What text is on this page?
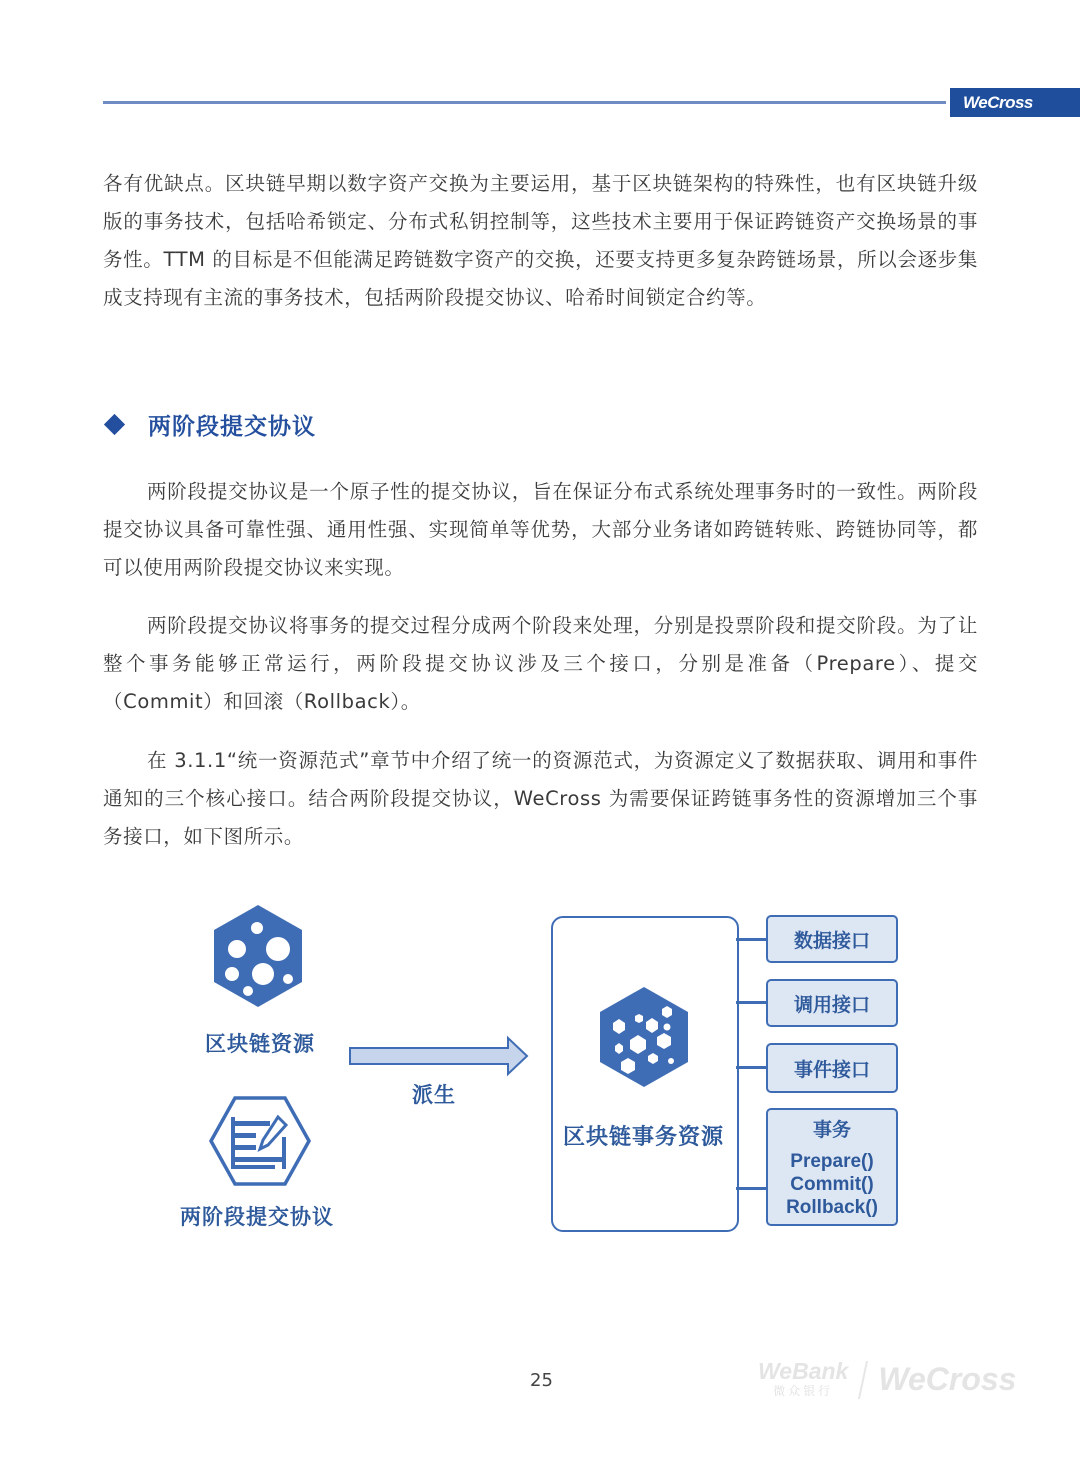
WeCross
各有优缺点。区块链早期以数字资产交换为主要运用，基于区块链架构的特殊性，也有区块链升级版的事务技术，包括哈希锁定、分布式私钥控制等，这些技术主要用于保证跨链资产交换场景的事务性。TTM 的目标是不但能满足跨链数字资产的交换，还要支持更多复杂跨链场景，所以会逐步集成支持现有主流的事务技术，包括两阶段提交协议、哈希时间锁定合约等。
两阶段提交协议
两阶段提交协议是一个原子性的提交协议，旨在保证分布式系统处理事务时的一致性。两阶段提交协议具备可靠性强、通用性强、实现简单等优势，大部分业务诸如跨链转账、跨链协同等，都可以使用两阶段提交协议来实现。
两阶段提交协议将事务的提交过程分成两个阶段来处理，分别是投票阶段和提交阶段。为了让整个事务能够正常运行，两阶段提交协议涉及三个接口，分别是准备（Prepare）、提交（Commit）和回滚（Rollback）。
在 3.1.1“统一资源范式”章节中介绍了统一的资源范式，为资源定义了数据获取、调用和事件通知的三个核心接口。结合两阶段提交协议，WeCross 为需要保证跨链事务性的资源增加三个事务接口，如下图所示。
区块链资源
派生
两阶段提交协议
区块链事务资源
数据接口
调用接口
事件接口
事务
Prepare()
Commit()
Rollback()
25	WeBank
微众银行	WeCross
